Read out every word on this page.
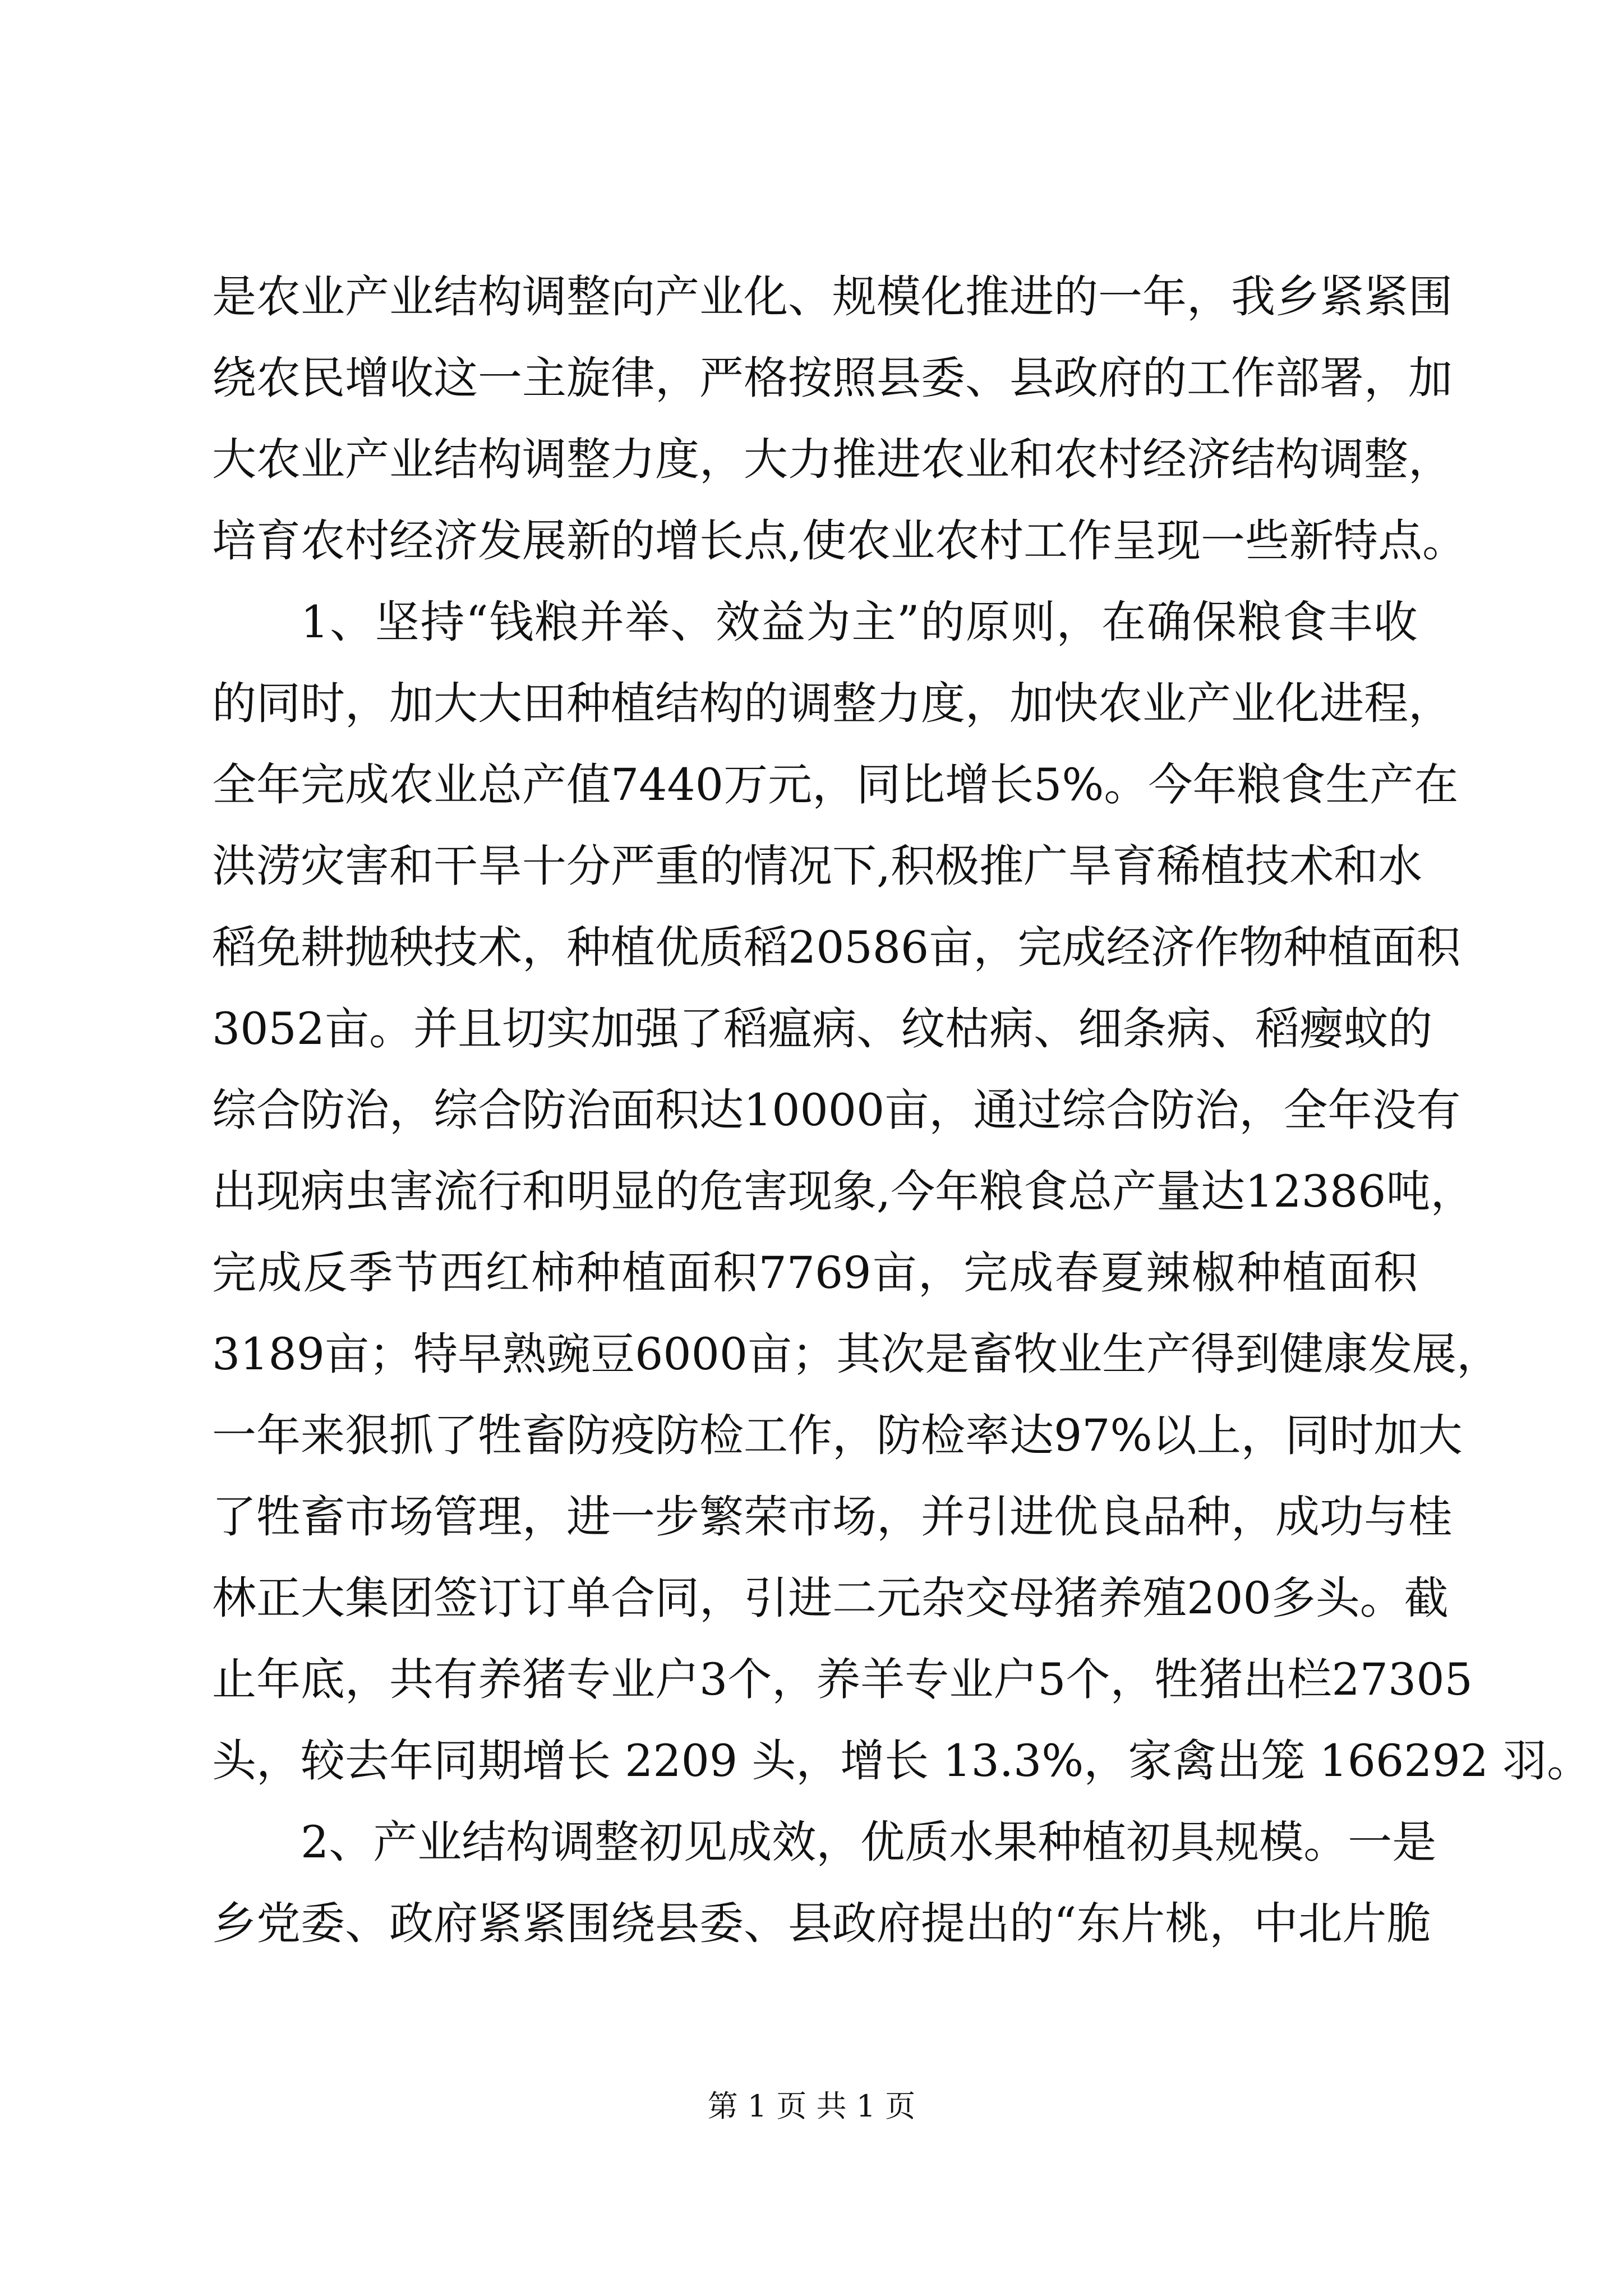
是 农 业 产 业 结 构 调 整 向 产 业 化 、 规 模 化 推 进 的 一 年 ， 我 乡 紧 紧 围
绕 农 民 增 收 这 一 主 旋 律 ， 严 格 按 照 县 委 、 县 政 府 的 工 作 部 署 ， 加
大 农 业 产 业 结 构 调 整 力 度 ， 大 力 推 进 农 业 和 农 村 经 济 结 构 调 整 ，
培育农村经济发展新的增长点,使农业农村工作呈现一些新特点。
1 、 坚 持 “ 钱 粮 并 举 、 效 益 为 主 ” 的 原 则 ， 在 确 保 粮 食 丰 收
的 同 时 ， 加 大 大 田 种 植 结 构 的 调 整 力 度 ， 加 快 农 业 产 业 化 进 程 ，
全 年 完 成 农 业 总 产 值 7440 万 元 ， 同 比 增 长 5% 。 今 年 粮 食 生 产 在
洪 涝 灾 害 和 干 旱 十 分 严 重 的 情 况 下 , 积 极 推 广 旱 育 稀 植 技 术 和 水
稻 免 耕 抛 秧 技 术 ， 种 植 优 质 稻 20586 亩 ， 完 成 经 济 作 物 种 植 面 积
3052 亩 。 并 且 切 实 加 强 了 稻 瘟 病 、 纹 枯 病 、 细 条 病 、 稻 瘿 蚊 的
综 合 防 治 ， 综 合 防 治 面 积 达 10000 亩 ， 通 过 综 合 防 治 ， 全 年 没 有
出 现 病 虫 害 流 行 和 明 显 的 危 害 现 象 , 今 年 粮 食 总 产 量 达 12386 吨 ，
完 成 反 季 节 西 红 柿 种 植 面 积 7769 亩 ， 完 成 春 夏 辣 椒 种 植 面 积
3189 亩 ； 特 早 熟 豌 豆 6000 亩 ； 其 次 是 畜 牧 业 生 产 得 到 健 康 发 展 ，
一 年 来 狠 抓 了 牲 畜 防 疫 防 检 工 作 ， 防 检 率 达 97% 以 上 ， 同 时 加 大
了 牲 畜 市 场 管 理 ， 进 一 步 繁 荣 市 场 ， 并 引 进 优 良 品 种 ， 成 功 与 桂
林 正 大 集 团 签 订 订 单 合 同 ， 引 进 二 元 杂 交 母 猪 养 殖 200 多 头 。 截
止 年 底 ， 共 有 养 猪 专 业 户 3 个 ， 养 羊 专 业 户 5 个 ， 牲 猪 出 栏 27305
头，较去年同期增长 2209 头，增长 13.3%，家禽出笼 166292 羽。
2 、 产 业 结 构 调 整 初 见 成 效 ， 优 质 水 果 种 植 初 具 规 模 。 一 是
乡 党 委 、 政 府 紧 紧 围 绕 县 委 、 县 政 府 提 出 的 “ 东 片 桃 ， 中 北 片 脆
第 1 页 共 1 页
